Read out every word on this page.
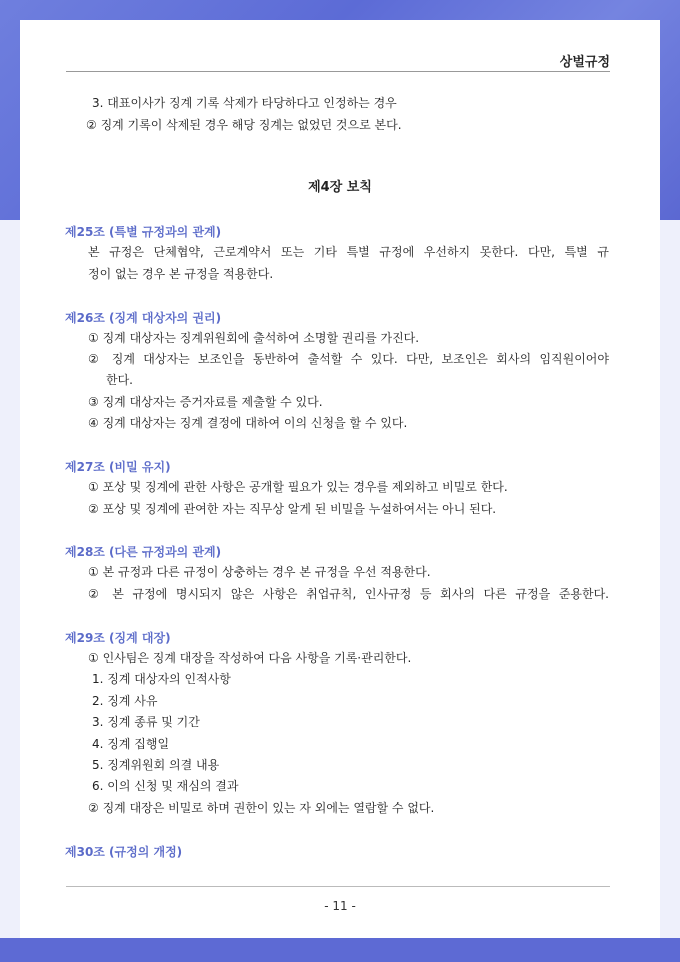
상벌규정
3. 대표이사가 징계 기록 삭제가 타당하다고 인정하는 경우
② 징계 기록이 삭제된 경우 해당 징계는 없었던 것으로 본다.
제4장 보칙
제25조 (특별 규정과의 관계)
본 규정은 단체협약, 근로계약서 또는 기타 특별 규정에 우선하지 못한다. 다만, 특별 규
정이 없는 경우 본 규정을 적용한다.
제26조 (징계 대상자의 권리)
① 징계 대상자는 징계위원회에 출석하여 소명할 권리를 가진다.
② 징계 대상자는 보조인을 동반하여 출석할 수 있다. 다만, 보조인은 회사의 임직원이어야
한다.
③ 징계 대상자는 증거자료를 제출할 수 있다.
④ 징계 대상자는 징계 결정에 대하여 이의 신청을 할 수 있다.
제27조 (비밀 유지)
① 포상 및 징계에 관한 사항은 공개할 필요가 있는 경우를 제외하고 비밀로 한다.
② 포상 및 징계에 관여한 자는 직무상 알게 된 비밀을 누설하여서는 아니 된다.
제28조 (다른 규정과의 관계)
① 본 규정과 다른 규정이 상충하는 경우 본 규정을 우선 적용한다.
② 본 규정에 명시되지 않은 사항은 취업규칙, 인사규정 등 회사의 다른 규정을 준용한다.
제29조 (징계 대장)
① 인사팀은 징계 대장을 작성하여 다음 사항을 기록·관리한다.
1. 징계 대상자의 인적사항
2. 징계 사유
3. 징계 종류 및 기간
4. 징계 집행일
5. 징계위원회 의결 내용
6. 이의 신청 및 재심의 결과
② 징계 대장은 비밀로 하며 권한이 있는 자 외에는 열람할 수 없다.
제30조 (규정의 개정)
- 11 -
